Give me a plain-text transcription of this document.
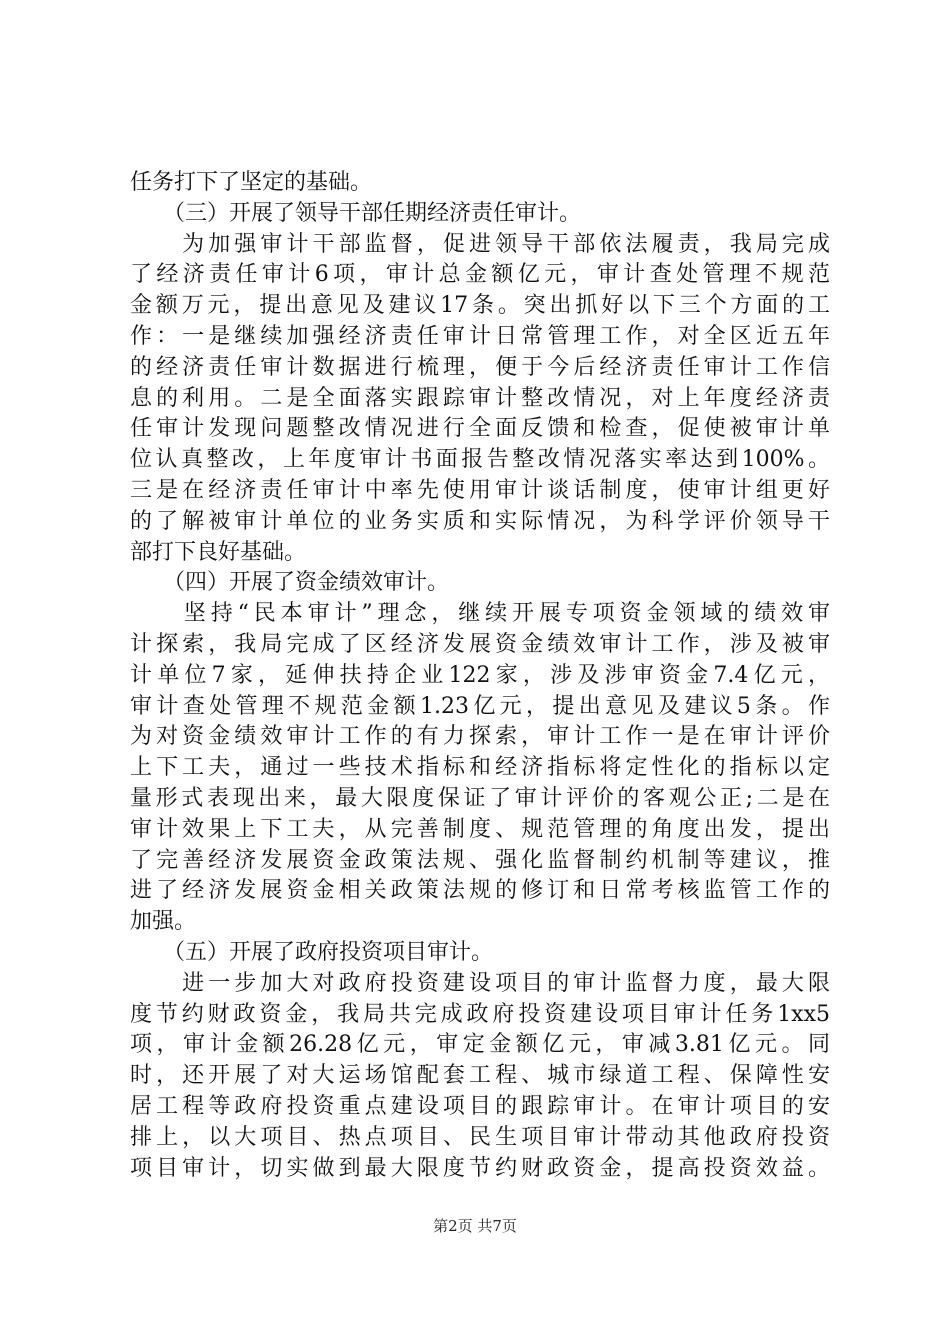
任务打下了坚定的基础。
　　（三）开展了领导干部任期经济责任审计。
　　为加强审计干部监督，促进领导干部依法履责，我局完成
了经济责任审计6项，审计总金额亿元，审计查处管理不规范
金额万元，提出意见及建议17条。突出抓好以下三个方面的工
作：一是继续加强经济责任审计日常管理工作，对全区近五年
的经济责任审计数据进行梳理，便于今后经济责任审计工作信
息的利用。二是全面落实跟踪审计整改情况，对上年度经济责
任审计发现问题整改情况进行全面反馈和检查，促使被审计单
位认真整改，上年度审计书面报告整改情况落实率达到100%。
三是在经济责任审计中率先使用审计谈话制度，使审计组更好
的了解被审计单位的业务实质和实际情况，为科学评价领导干
部打下良好基础。
　　（四）开展了资金绩效审计。
　　坚持“民本审计”理念，继续开展专项资金领域的绩效审
计探索，我局完成了区经济发展资金绩效审计工作，涉及被审
计单位7家，延伸扶持企业122家，涉及涉审资金7.4亿元，
审计查处管理不规范金额1.23亿元，提出意见及建议5条。作
为对资金绩效审计工作的有力探索，审计工作一是在审计评价
上下工夫，通过一些技术指标和经济指标将定性化的指标以定
量形式表现出来，最大限度保证了审计评价的客观公正;二是在
审计效果上下工夫，从完善制度、规范管理的角度出发，提出
了完善经济发展资金政策法规、强化监督制约机制等建议，推
进了经济发展资金相关政策法规的修订和日常考核监管工作的
加强。
　　（五）开展了政府投资项目审计。
　　进一步加大对政府投资建设项目的审计监督力度，最大限
度节约财政资金，我局共完成政府投资建设项目审计任务1xx5
项，审计金额26.28亿元，审定金额亿元，审减3.81亿元。同
时，还开展了对大运场馆配套工程、城市绿道工程、保障性安
居工程等政府投资重点建设项目的跟踪审计。在审计项目的安
排上，以大项目、热点项目、民生项目审计带动其他政府投资
项目审计，切实做到最大限度节约财政资金，提高投资效益。
第2页 共7页
